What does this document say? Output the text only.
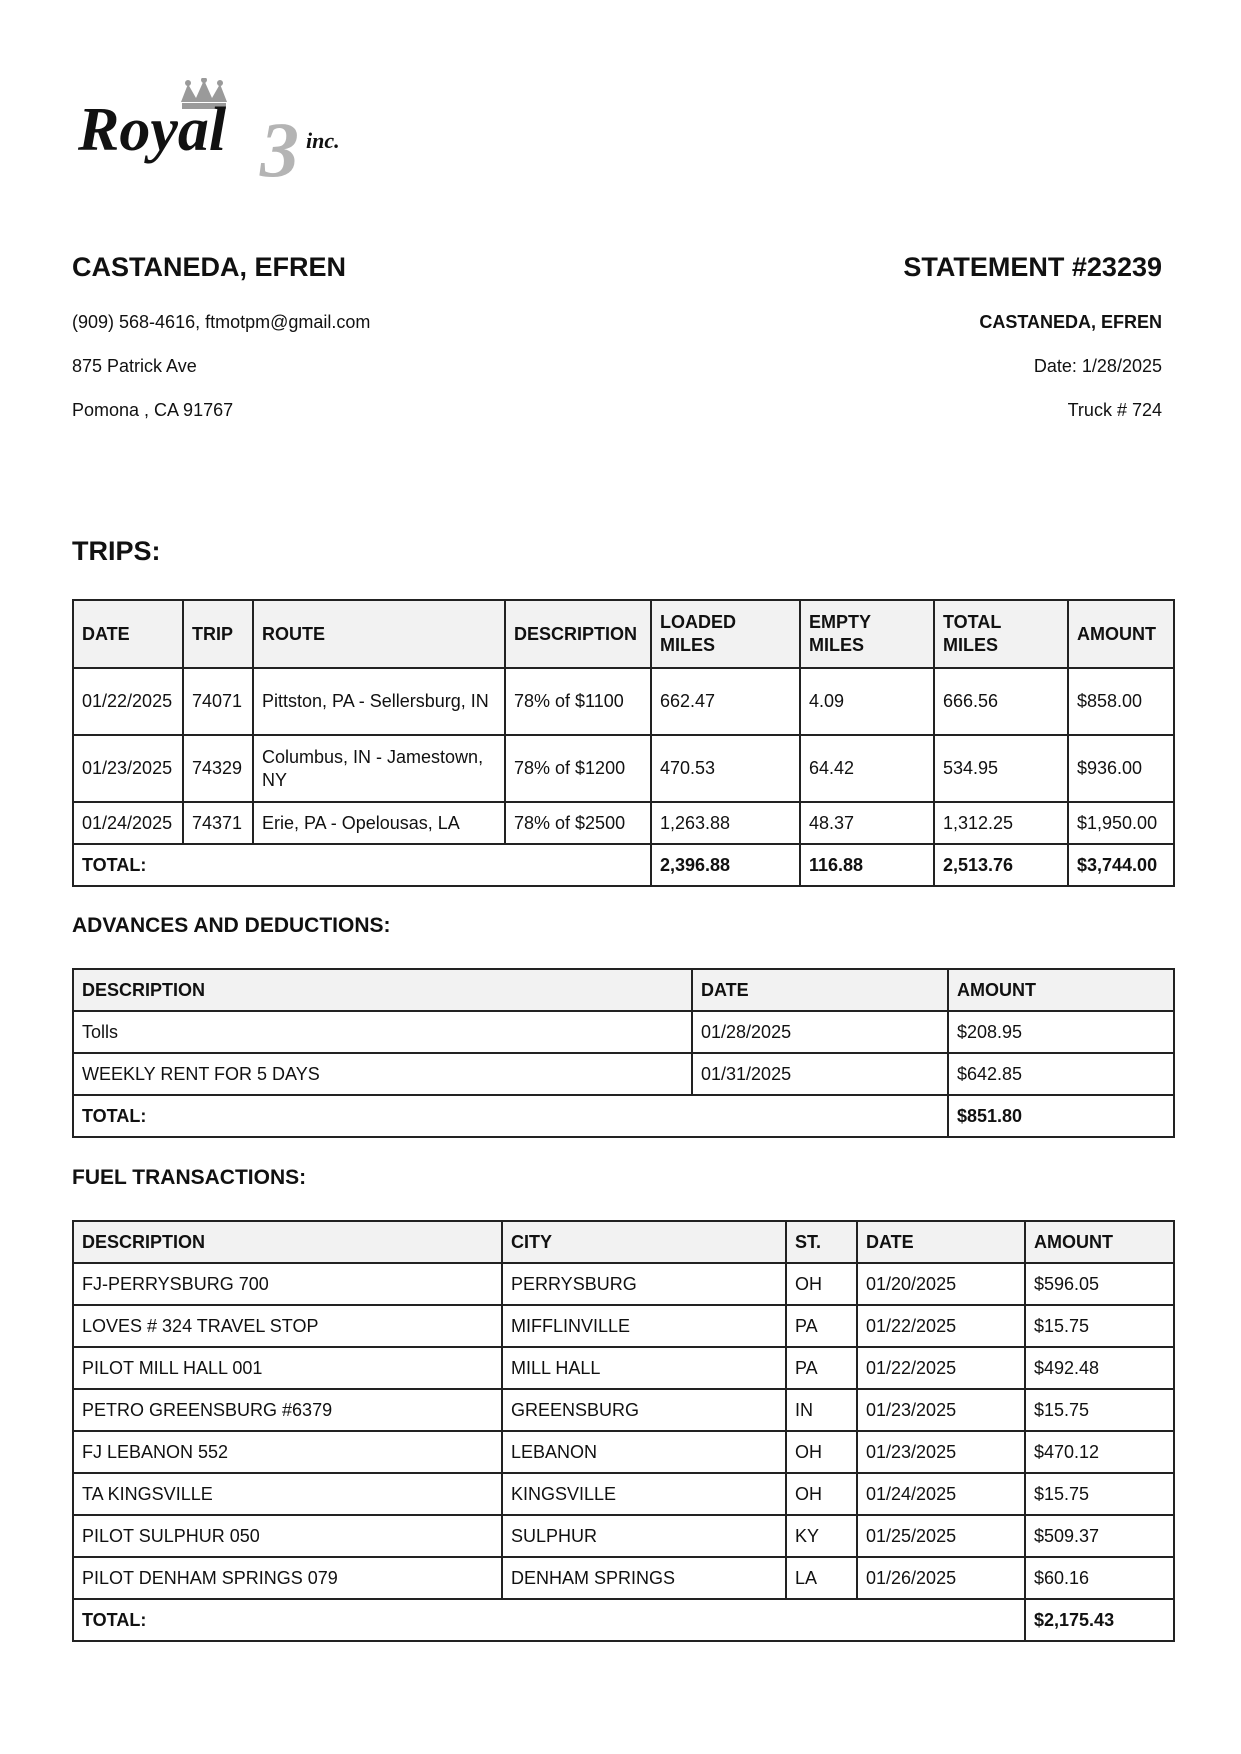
Royal 3 inc.
CASTANEDA, EFREN

(909) 568-4616, ftmotpm@gmail.com

875 Patrick Ave

Pomona , CA 91767

STATEMENT #23239

CASTANEDA, EFREN

Date: 1/28/2025

Truck # 724

TRIPS:
DATE	TRIP	ROUTE	DESCRIPTION	LOADED MILES	EMPTY MILES	TOTAL MILES	AMOUNT
01/22/2025	74071	Pittston, PA - Sellersburg, IN	78% of $1100	662.47	4.09	666.56	$858.00
01/23/2025	74329	Columbus, IN - Jamestown, NY	78% of $1200	470.53	64.42	534.95	$936.00
01/24/2025	74371	Erie, PA - Opelousas, LA	78% of $2500	1,263.88	48.37	1,312.25	$1,950.00
TOTAL:				2,396.88	116.88	2,513.76	$3,744.00
ADVANCES AND DEDUCTIONS:
DESCRIPTION	DATE	AMOUNT
Tolls	01/28/2025	$208.95
WEEKLY RENT FOR 5 DAYS	01/31/2025	$642.85
TOTAL:		$851.80
FUEL TRANSACTIONS:
DESCRIPTION	CITY	ST.	DATE	AMOUNT
FJ-PERRYSBURG 700	PERRYSBURG	OH	01/20/2025	$596.05
LOVES # 324 TRAVEL STOP	MIFFLINVILLE	PA	01/22/2025	$15.75
PILOT MILL HALL 001	MILL HALL	PA	01/22/2025	$492.48
PETRO GREENSBURG #6379	GREENSBURG	IN	01/23/2025	$15.75
FJ LEBANON 552	LEBANON	OH	01/23/2025	$470.12
TA KINGSVILLE	KINGSVILLE	OH	01/24/2025	$15.75
PILOT SULPHUR 050	SULPHUR	KY	01/25/2025	$509.37
PILOT DENHAM SPRINGS 079	DENHAM SPRINGS	LA	01/26/2025	$60.16
TOTAL:				$2,175.43
